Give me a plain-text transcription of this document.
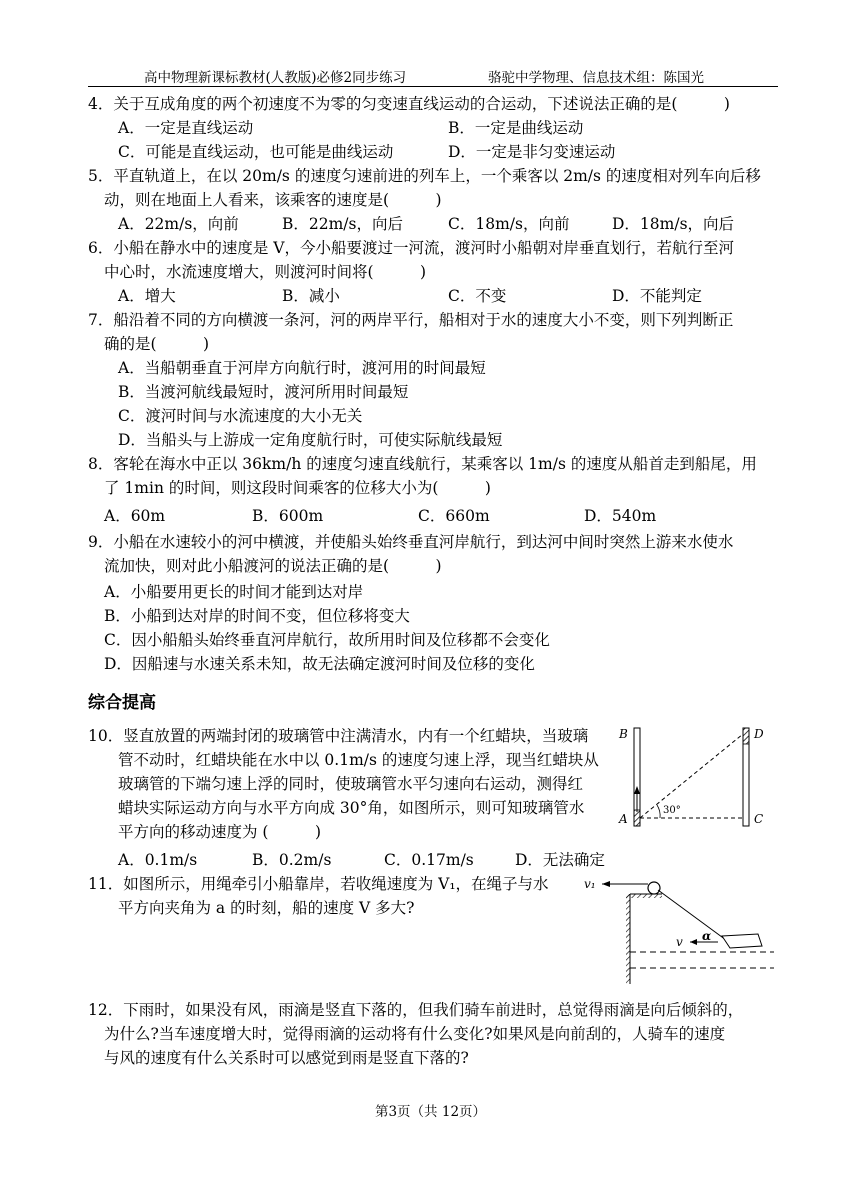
高中物理新课标教材(人教版)必修2同步练习	骆驼中学物理、信息技术组：陈国光
4．关于互成角度的两个初速度不为零的匀变速直线运动的合运动，下述说法正确的是(　　　)
A．一定是直线运动	B．一定是曲线运动
C．可能是直线运动，也可能是曲线运动	D．一定是非匀变速运动
5．平直轨道上，在以 20m/s 的速度匀速前进的列车上，一个乘客以 2m/s 的速度相对列车向后移
动，则在地面上人看来，该乘客的速度是(　　　)
A．22m/s，向前	B．22m/s，向后	C．18m/s，向前	D．18m/s，向后
6．小船在静水中的速度是 V，今小船要渡过一河流，渡河时小船朝对岸垂直划行，若航行至河
中心时，水流速度增大，则渡河时间将(　　　)
A．增大	B．减小	C．不变	D．不能判定
7．船沿着不同的方向横渡一条河，河的两岸平行，船相对于水的速度大小不变，则下列判断正
确的是(　　　)
A．当船朝垂直于河岸方向航行时，渡河用的时间最短
B．当渡河航线最短时，渡河所用时间最短
C．渡河时间与水流速度的大小无关
D．当船头与上游成一定角度航行时，可使实际航线最短
8．客轮在海水中正以 36km/h 的速度匀速直线航行，某乘客以 1m/s 的速度从船首走到船尾，用
了 1min 的时间，则这段时间乘客的位移大小为(　　　)
A．60m	B．600m	C．660m	D．540m
9．小船在水速较小的河中横渡，并使船头始终垂直河岸航行，到达河中间时突然上游来水使水
流加快，则对此小船渡河的说法正确的是(　　　)
A．小船要用更长的时间才能到达对岸
B．小船到达对岸的时间不变，但位移将变大
C．因小船船头始终垂直河岸航行，故所用时间及位移都不会变化
D．因船速与水速关系未知，故无法确定渡河时间及位移的变化
综合提高
10．竖直放置的两端封闭的玻璃管中注满清水，内有一个红蜡块，当玻璃
管不动时，红蜡块能在水中以 0.1m/s 的速度匀速上浮，现当红蜡块从
玻璃管的下端匀速上浮的同时，使玻璃管水平匀速向右运动，测得红
蜡块实际运动方向与水平方向成 30°角，如图所示，则可知玻璃管水
平方向的移动速度为 (　　　)
A．0.1m/s	B．0.2m/s	C．0.17m/s	D．无法确定
30°
B	D
A	C
11．如图所示，用绳牵引小船靠岸，若收绳速度为 V₁，在绳子与水
平方向夹角为 a 的时刻，船的速度 V 多大?
v₁
α
v
12．下雨时，如果没有风，雨滴是竖直下落的，但我们骑车前进时，总觉得雨滴是向后倾斜的，
为什么?当车速度增大时，觉得雨滴的运动将有什么变化?如果风是向前刮的，人骑车的速度
与风的速度有什么关系时可以感觉到雨是竖直下落的?
第3页（共 12页）
